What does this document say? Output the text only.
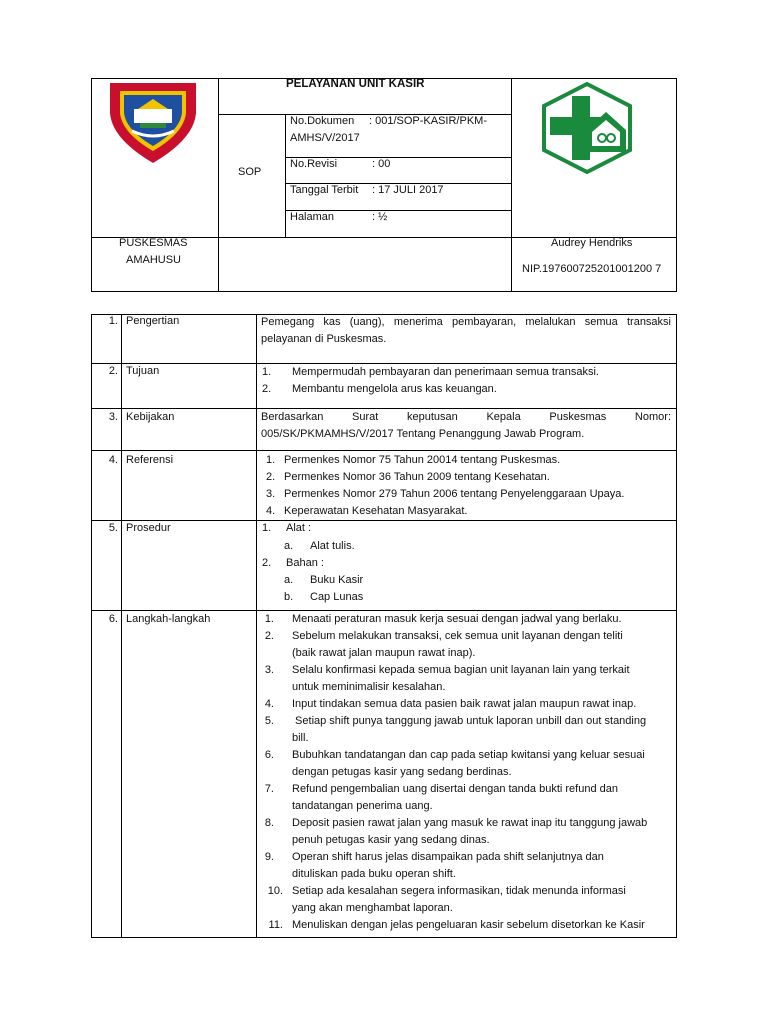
PELAYANAN UNIT KASIR
SOP
No.Dokumen : 001/SOP-KASIR/PKM-
AMHS/V/2017
No.Revisi	: 00
Tanggal Terbit : 17 JULI 2017
Halaman	: ½
PUSKESMAS
AMAHUSU
Audrey Hendriks
NIP.197600725201001200 7
1. Pengertian
2. Tujuan
3. Kebijakan
4. Referensi
5. Prosedur
6. Langkah-langkah
Pemegang kas (uang), menerima pembayaran, melalukan semua transaksi pelayanan di Puskesmas.
1. Mempermudah pembayaran dan penerimaan semua transaksi.
2. Membantu mengelola arus kas keuangan.
Berdasarkan Surat keputusan Kepala Puskesmas Nomor: 005/SK/PKMAMHS/V/2017 Tentang Penanggung Jawab Program.
1. Permenkes Nomor 75 Tahun 20014 tentang Puskesmas.
2. Permenkes Nomor 36 Tahun 2009 tentang Kesehatan.
3. Permenkes Nomor 279 Tahun 2006 tentang Penyelenggaraan Upaya.
4. Keperawatan Kesehatan Masyarakat.
1. Alat :
a. Alat tulis.
2. Bahan :
a. Buku Kasir
b. Cap Lunas
1. Menaati peraturan masuk kerja sesuai dengan jadwal yang berlaku.
2. Sebelum melakukan transaksi, cek semua unit layanan dengan teliti
(baik rawat jalan maupun rawat inap).
3. Selalu konfirmasi kepada semua bagian unit layanan lain yang terkait
untuk meminimalisir kesalahan.
4. Input tindakan semua data pasien baik rawat jalan maupun rawat inap.
5. Setiap shift punya tanggung jawab untuk laporan unbill dan out standing
bill.
6. Bubuhkan tandatangan dan cap pada setiap kwitansi yang keluar sesuai
dengan petugas kasir yang sedang berdinas.
7. Refund pengembalian uang disertai dengan tanda bukti refund dan
tandatangan penerima uang.
8. Deposit pasien rawat jalan yang masuk ke rawat inap itu tanggung jawab
penuh petugas kasir yang sedang dinas.
9. Operan shift harus jelas disampaikan pada shift selanjutnya dan
dituliskan pada buku operan shift.
10. Setiap ada kesalahan segera informasikan, tidak menunda informasi
yang akan menghambat laporan.
11. Menuliskan dengan jelas pengeluaran kasir sebelum disetorkan ke Kasir
